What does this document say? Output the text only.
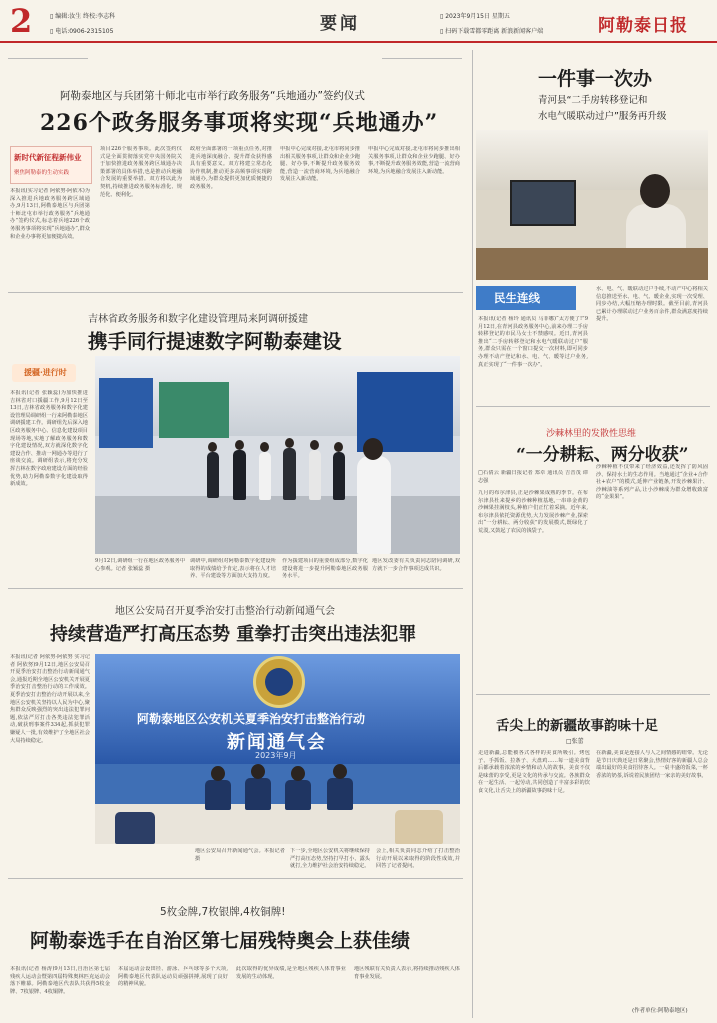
2	▯ 编辑:汝生 终校:李志科
▯ 电话:0906-2315105	要闻	▯ 2023年9月15日 星期五
▯ 扫码下载雪都零距离 新浪新闻客户端	阿勒泰日报
阿勒泰地区与兵团第十师北屯市举行政务服务“兵地通办”签约仪式
226个政务服务事项将实现“兵地通办”
新时代新征程新伟业
聚焦阿勒泰的生动实践
本报讯(实习记者 阿依努·阿依木)为深入推进兵地政务服务跨区域通办,9月13日,阿勒泰地区与兵团第十师北屯市举行政务服务“兵地通办”签约仪式,标志着兵地226个政务服务事项将实现“兵地通办”,群众和企业办事将更加便捷高效。
项目226个服务事项。此次签约仪式是全面贯彻落实党中央国务院关于加快推进政务服务跨区域通办决策部署的具体举措,也是推动兵地融合发展的重要举措。双方将以此为契机,持续推进政务服务标准化、规范化、便利化。
政府全面部署的一项重点任务,对推进兵地深度融合、提升群众获得感具有重要意义。双方将建立常态化协作机制,推动更多高频事项实现跨域通办,为群众提供更加优质便捷的政务服务。
申报中心完成对接,北屯市将同步推出相关服务事项,让群众和企业少跑腿、好办事,不断提升政务服务效能,营造一流营商环境,为兵地融合发展注入新动能。
申报中心完成对接,北屯市将同步推出相关服务事项,让群众和企业少跑腿、好办事,不断提升政务服务效能,营造一流营商环境,为兵地融合发展注入新动能。
吉林省政务服务和数字化建设管理局来阿调研援建
携手同行提速数字阿勒泰建设
援疆·进行时
本报讯(记者 张颖蕊)为加快推进吉林省对口援疆工作,9月12日至13日,吉林省政务服务和数字化建设管理局调研组一行来阿勒泰地区调研援建工作。调研组先后深入地区政务服务中心、信息化建设项目现场等地,实地了解政务服务和数字化建设情况,双方就深化数字化建设合作、推动一网通办等进行了座谈交流。调研组表示,将充分发挥吉林在数字政府建设方面的经验优势,助力阿勒泰数字化建设取得新成效。
9月12日,调研组一行在地区政务服务中心参观。记者 张颖蕊 摄
调研中,调研组对阿勒泰数字化建设所取得的成绩给予肯定,表示将在人才培养、平台建设等方面加大支持力度。
作为援建项目的重要组成部分,数字化建设将进一步提升阿勒泰地区政务服务水平。
地区发改委有关负责同志陪同调研,双方就下一步合作事项达成共识。
地区公安局召开夏季治安打击整治行动新闻通气会
持续营造严打高压态势 重拳打击突出违法犯罪
本报讯(记者 阿依努·阿依努 实习记者 阿依努)9月12日,地区公安局召开夏季治安打击整治行动新闻通气会,通报近期全地区公安机关开展夏季治安打击整治行动的工作成效。夏季治安打击整治行动开展以来,全地区公安机关坚持以人民为中心,聚焦群众反映强烈的突出违法犯罪问题,依法严厉打击各类违法犯罪活动,破获刑事案件334起,抓获犯罪嫌疑人一批,有效维护了全地区社会大局持续稳定。
阿勒泰地区公安机关夏季治安打击整治行动
新闻通气会
2023年9月
地区公安局召开新闻通气会。本报记者 摄
下一步,全地区公安机关将继续保持严打高压态势,坚持打早打小、露头就打,全力维护社会治安持续稳定。
会上,相关负责同志介绍了打击整治行动开展以来取得的阶段性成效,并回答了记者提问。
5枚金牌,7枚银牌,4枚铜牌!
阿勒泰选手在自治区第七届残特奥会上获佳绩
本报讯(记者 杨涛)9月13日,自治区第七届残疾人运动会暨第四届特殊奥林匹克运动会落下帷幕。阿勒泰地区代表队共获得5枚金牌、7枚银牌、4枚铜牌。
本届运动会设田径、游泳、乒乓球等多个大项,阿勒泰地区代表队运动员顽强拼搏,展现了良好的精神风貌。
此次取得的优异成绩,是全地区残疾人体育事业发展的生动体现。
地区残联有关负责人表示,将持续推动残疾人体育事业发展。
一件事一次办
青河县“二手房转移登记和
水电气暖联动过户”服务再升级
民生连线
本报讯(记者 杨玲 通讯员 马菲娜)“太方便了!”9月12日,在青河县政务服务中心,前来办理二手房转移登记的市民马女士不禁感叹。近日,青河县推出“二手房转移登记和水电气暖联动过户”服务,群众只需在一个窗口提交一次材料,即可同步办理不动产登记和水、电、气、暖等过户业务,真正实现了“一件事一次办”。
水、电、气、暖联动过户手续,不动产中心将相关信息推送至水、电、气、暖企业,实现一次受理、同步办结,大幅压缩办理时限。截至目前,青河县已累计办理联动过户业务百余件,群众满意度持续提升。
沙棘林里的发散性思维
“一分耕耘、两分收获”
□石倩云 新疆日报记者 郑卓 通讯员 吉晋茂 谭志强
九月的布尔津县,正是沙棘果成熟的季节。在布尔津县杜来提乡的沙棘种植基地,一串串金黄的沙棘果挂满枝头,种植户们正忙着采摘。近年来,布尔津县依托资源优势,大力发展沙棘产业,探索出“一分耕耘、两分收获”的发展模式,既绿化了荒漠,又鼓起了农民的钱袋子。
沙棘种植不仅带来了经济效益,还发挥了防风固沙、保持水土的生态作用。当地通过“企业+合作社+农户”的模式,延伸产业链条,开发沙棘果汁、沙棘油等系列产品,让小沙棘成为群众增收致富的“金果果”。
舌尖上的新疆故事韵味十足
□张蕾
走进新疆,总能被各式各样的美食所吸引。烤包子、手抓饭、拉条子、大盘鸡……每一道美食背后都承载着浓浓的乡情和动人的故事。美食不仅是味蕾的享受,更是文化的传承与交流。各族群众在一起生活、一起劳动,共同创造了丰富多彩的饮食文化,让舌尖上的新疆故事韵味十足。
在新疆,美食是连接人与人之间情感的纽带。无论是节日庆典还是日常聚会,热情好客的新疆人总会端出最好的美食招待客人。一桌丰盛的饭菜,一杯香浓的奶茶,诉说着民族团结一家亲的美好故事。
(作者单位:阿勒泰地区)
